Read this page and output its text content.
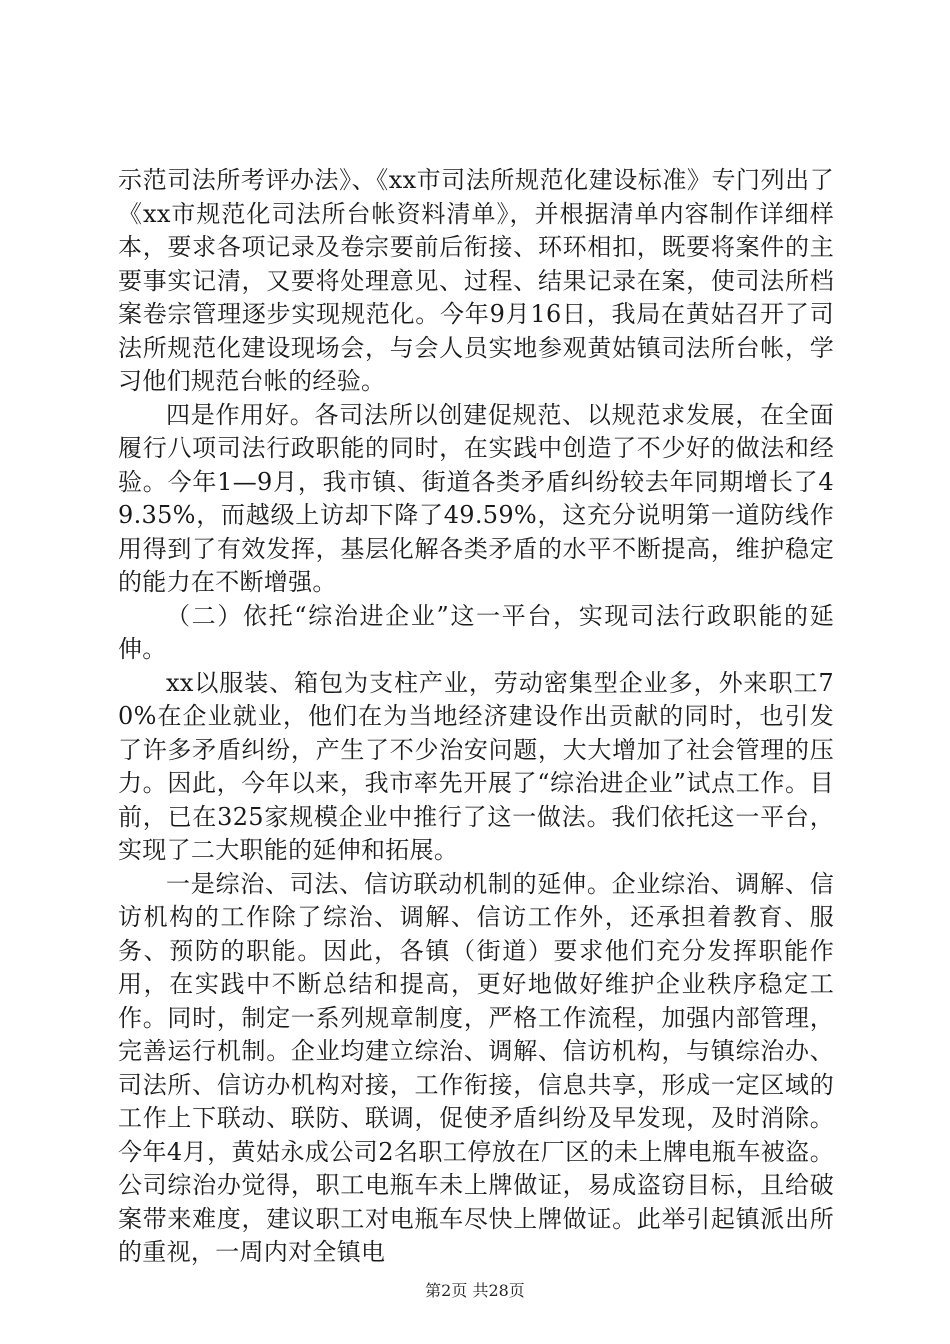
示范司法所考评办法》、《xx市司法所规范化建设标准》专门列出了《xx市规范化司法所台帐资料清单》，并根据清单内容制作详细样本，要求各项记录及卷宗要前后衔接、环环相扣，既要将案件的主要事实记清，又要将处理意见、过程、结果记录在案，使司法所档案卷宗管理逐步实现规范化。今年9月16日，我局在黄姑召开了司法所规范化建设现场会，与会人员实地参观黄姑镇司法所台帐，学习他们规范台帐的经验。

四是作用好。各司法所以创建促规范、以规范求发展，在全面履行八项司法行政职能的同时，在实践中创造了不少好的做法和经验。今年1—9月，我市镇、街道各类矛盾纠纷较去年同期增长了49.35%，而越级上访却下降了49.59%，这充分说明第一道防线作用得到了有效发挥，基层化解各类矛盾的水平不断提高，维护稳定的能力在不断增强。

（二）依托“综治进企业”这一平台，实现司法行政职能的延伸。

xx以服装、箱包为支柱产业，劳动密集型企业多，外来职工70%在企业就业，他们在为当地经济建设作出贡献的同时，也引发了许多矛盾纠纷，产生了不少治安问题，大大增加了社会管理的压力。因此，今年以来，我市率先开展了“综治进企业”试点工作。目前，已在325家规模企业中推行了这一做法。我们依托这一平台，实现了二大职能的延伸和拓展。

一是综治、司法、信访联动机制的延伸。企业综治、调解、信访机构的工作除了综治、调解、信访工作外，还承担着教育、服务、预防的职能。因此，各镇（街道）要求他们充分发挥职能作用，在实践中不断总结和提高，更好地做好维护企业秩序稳定工作。同时，制定一系列规章制度，严格工作流程，加强内部管理，完善运行机制。企业均建立综治、调解、信访机构，与镇综治办、司法所、信访办机构对接，工作衔接，信息共享，形成一定区域的工作上下联动、联防、联调，促使矛盾纠纷及早发现，及时消除。今年4月，黄姑永成公司2名职工停放在厂区的未上牌电瓶车被盗。公司综治办觉得，职工电瓶车未上牌做证，易成盗窃目标，且给破案带来难度，建议职工对电瓶车尽快上牌做证。此举引起镇派出所的重视，一周内对全镇电

第2页 共28页
